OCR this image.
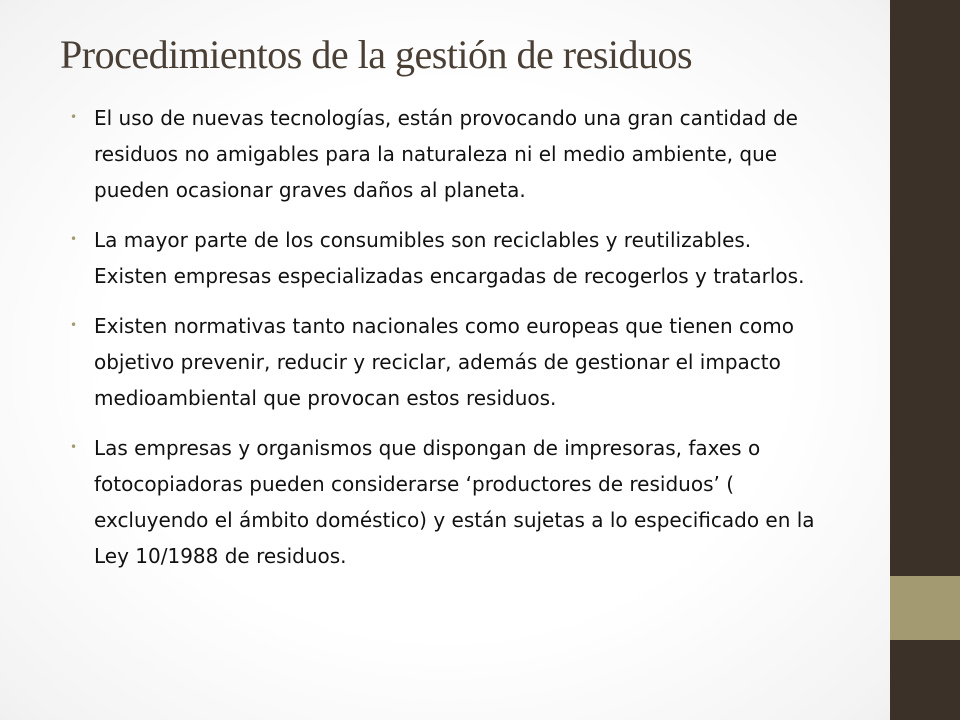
Procedimientos de la gestión de residuos
• El uso de nuevas tecnologías, están provocando una gran cantidad de residuos no amigables para la naturaleza ni el medio ambiente, que pueden ocasionar graves daños al planeta.
• La mayor parte de los consumibles son reciclables y reutilizables. Existen empresas especializadas encargadas de recogerlos y tratarlos.
• Existen normativas tanto nacionales como europeas que tienen como objetivo prevenir, reducir y reciclar, además de gestionar el impacto medioambiental que provocan estos residuos.
• Las empresas y organismos que dispongan de impresoras, faxes o fotocopiadoras pueden considerarse ‘productores de residuos’ ( excluyendo el ámbito doméstico) y están sujetas a lo especificado en la Ley 10/1988 de residuos.
